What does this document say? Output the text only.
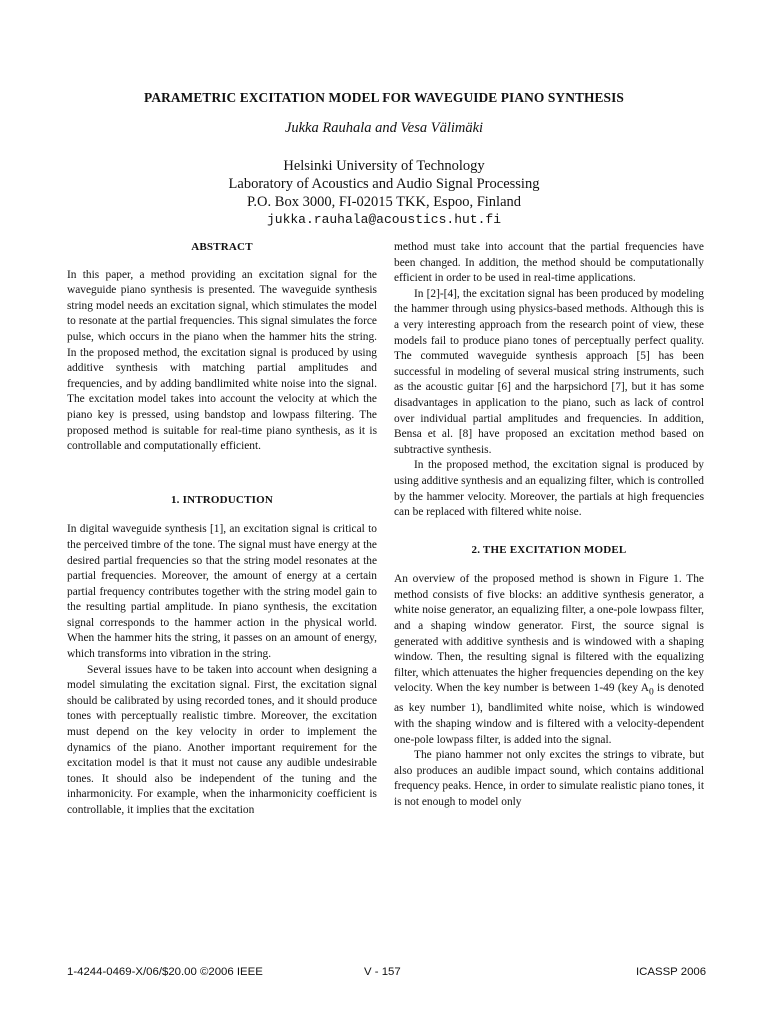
PARAMETRIC EXCITATION MODEL FOR WAVEGUIDE PIANO SYNTHESIS
Jukka Rauhala and Vesa Välimäki
Helsinki University of Technology
Laboratory of Acoustics and Audio Signal Processing
P.O. Box 3000, FI-02015 TKK, Espoo, Finland
jukka.rauhala@acoustics.hut.fi

ABSTRACT

In this paper, a method providing an excitation signal for the waveguide piano synthesis is presented. The waveguide synthesis string model needs an excitation signal, which stimulates the model to resonate at the partial frequencies. This signal simulates the force pulse, which occurs in the piano when the hammer hits the string. In the proposed method, the excitation signal is produced by using additive synthesis with matching partial amplitudes and frequencies, and by adding bandlimited white noise into the signal. The excitation model takes into account the velocity at which the piano key is pressed, using bandstop and lowpass filtering. The proposed method is suitable for real-time piano synthesis, as it is controllable and computationally efficient.

1. INTRODUCTION

In digital waveguide synthesis [1], an excitation signal is critical to the perceived timbre of the tone. The signal must have energy at the desired partial frequencies so that the string model resonates at the partial frequencies. Moreover, the amount of energy at a certain partial frequency contributes together with the string model gain to the resulting partial amplitude. In piano synthesis, the excitation signal corresponds to the hammer action in the physical world. When the hammer hits the string, it passes on an amount of energy, which transforms into vibration in the string.

Several issues have to be taken into account when designing a model simulating the excitation signal. First, the excitation signal should be calibrated by using recorded tones, and it should produce tones with perceptually realistic timbre. Moreover, the excitation must depend on the key velocity in order to implement the dynamics of the piano. Another important requirement for the excitation model is that it must not cause any audible undesirable tones. It should also be independent of the tuning and the inharmonicity. For example, when the inharmonicity coefficient is controllable, it implies that the excitation

method must take into account that the partial frequencies have been changed. In addition, the method should be computationally efficient in order to be used in real-time applications.

In [2]-[4], the excitation signal has been produced by modeling the hammer through using physics-based methods. Although this is a very interesting approach from the research point of view, these models fail to produce piano tones of perceptually perfect quality. The commuted waveguide synthesis approach [5] has been successful in modeling of several musical string instruments, such as the acoustic guitar [6] and the harpsichord [7], but it has some disadvantages in application to the piano, such as lack of control over individual partial amplitudes and frequencies. In addition, Bensa et al. [8] have proposed an excitation method based on subtractive synthesis.

In the proposed method, the excitation signal is produced by using additive synthesis and an equalizing filter, which is controlled by the hammer velocity. Moreover, the partials at high frequencies can be replaced with filtered white noise.

2. THE EXCITATION MODEL

An overview of the proposed method is shown in Figure 1. The method consists of five blocks: an additive synthesis generator, a white noise generator, an equalizing filter, a one-pole lowpass filter, and a shaping window generator. First, the source signal is generated with additive synthesis and is windowed with a shaping window. Then, the resulting signal is filtered with the equalizing filter, which attenuates the higher frequencies depending on the key velocity. When the key number is between 1-49 (key $A_0$ is denoted as key number 1), bandlimited white noise, which is windowed with the shaping window and is filtered with a velocity-dependent one-pole lowpass filter, is added into the signal.

The piano hammer not only excites the strings to vibrate, but also produces an audible impact sound, which contains additional frequency peaks. Hence, in order to simulate realistic piano tones, it is not enough to model only

1-4244-0469-X/06/$20.00 ©2006 IEEE	V - 157	ICASSP 2006
